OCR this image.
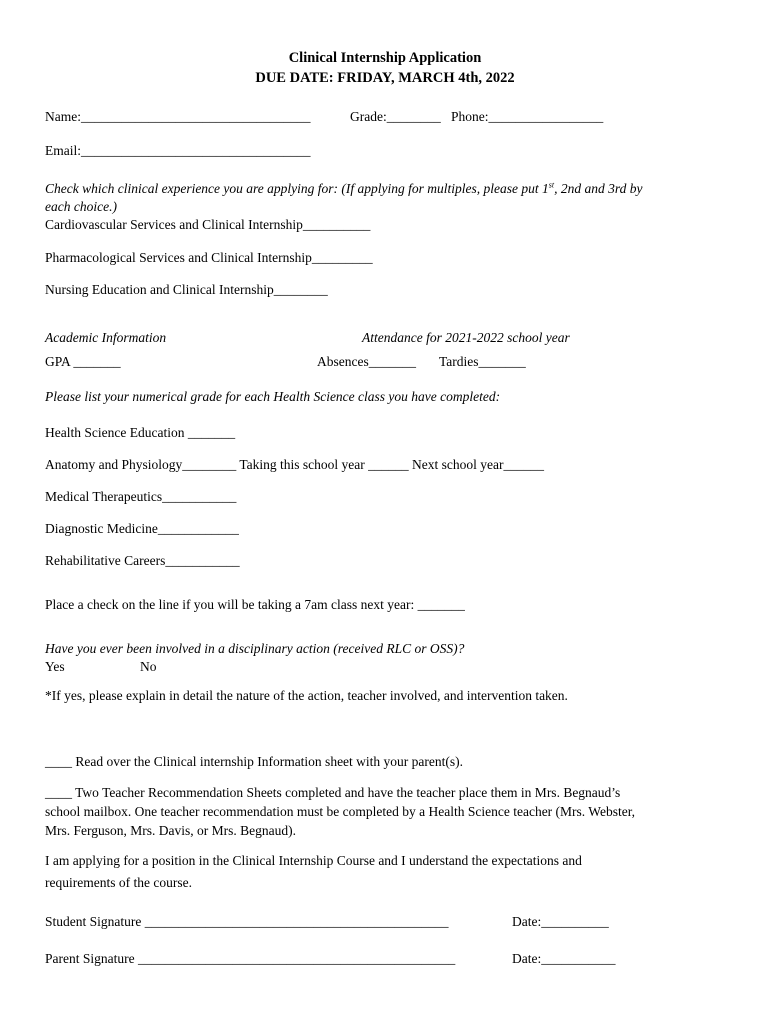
Clinical Internship Application
DUE DATE: FRIDAY, MARCH 4th, 2022
Name:__________________________________	Grade:________ Phone:_________________
Email:__________________________________
Check which clinical experience you are applying for: (If applying for multiples, please put 1st, 2nd and 3rd by
each choice.)
Cardiovascular Services and Clinical Internship__________
Pharmacological Services and Clinical Internship_________
Nursing Education and Clinical Internship________
Academic Information	Attendance for 2021-2022 school year
GPA _______	Absences_______ Tardies_______
Please list your numerical grade for each Health Science class you have completed:
Health Science Education _______
Anatomy and Physiology________ Taking this school year ______ Next school year______
Medical Therapeutics___________
Diagnostic Medicine____________
Rehabilitative Careers___________
Place a check on the line if you will be taking a 7am class next year: _______
Have you ever been involved in a disciplinary action (received RLC or OSS)?
Yes	No
*If yes, please explain in detail the nature of the action, teacher involved, and intervention taken.
____ Read over the Clinical internship Information sheet with your parent(s).
____ Two Teacher Recommendation Sheets completed and have the teacher place them in Mrs. Begnaud’s
school mailbox. One teacher recommendation must be completed by a Health Science teacher (Mrs. Webster,
Mrs. Ferguson, Mrs. Davis, or Mrs. Begnaud).
I am applying for a position in the Clinical Internship Course and I understand the expectations and
requirements of the course.
Student Signature _____________________________________________	Date:__________
Parent Signature _______________________________________________	Date:___________
